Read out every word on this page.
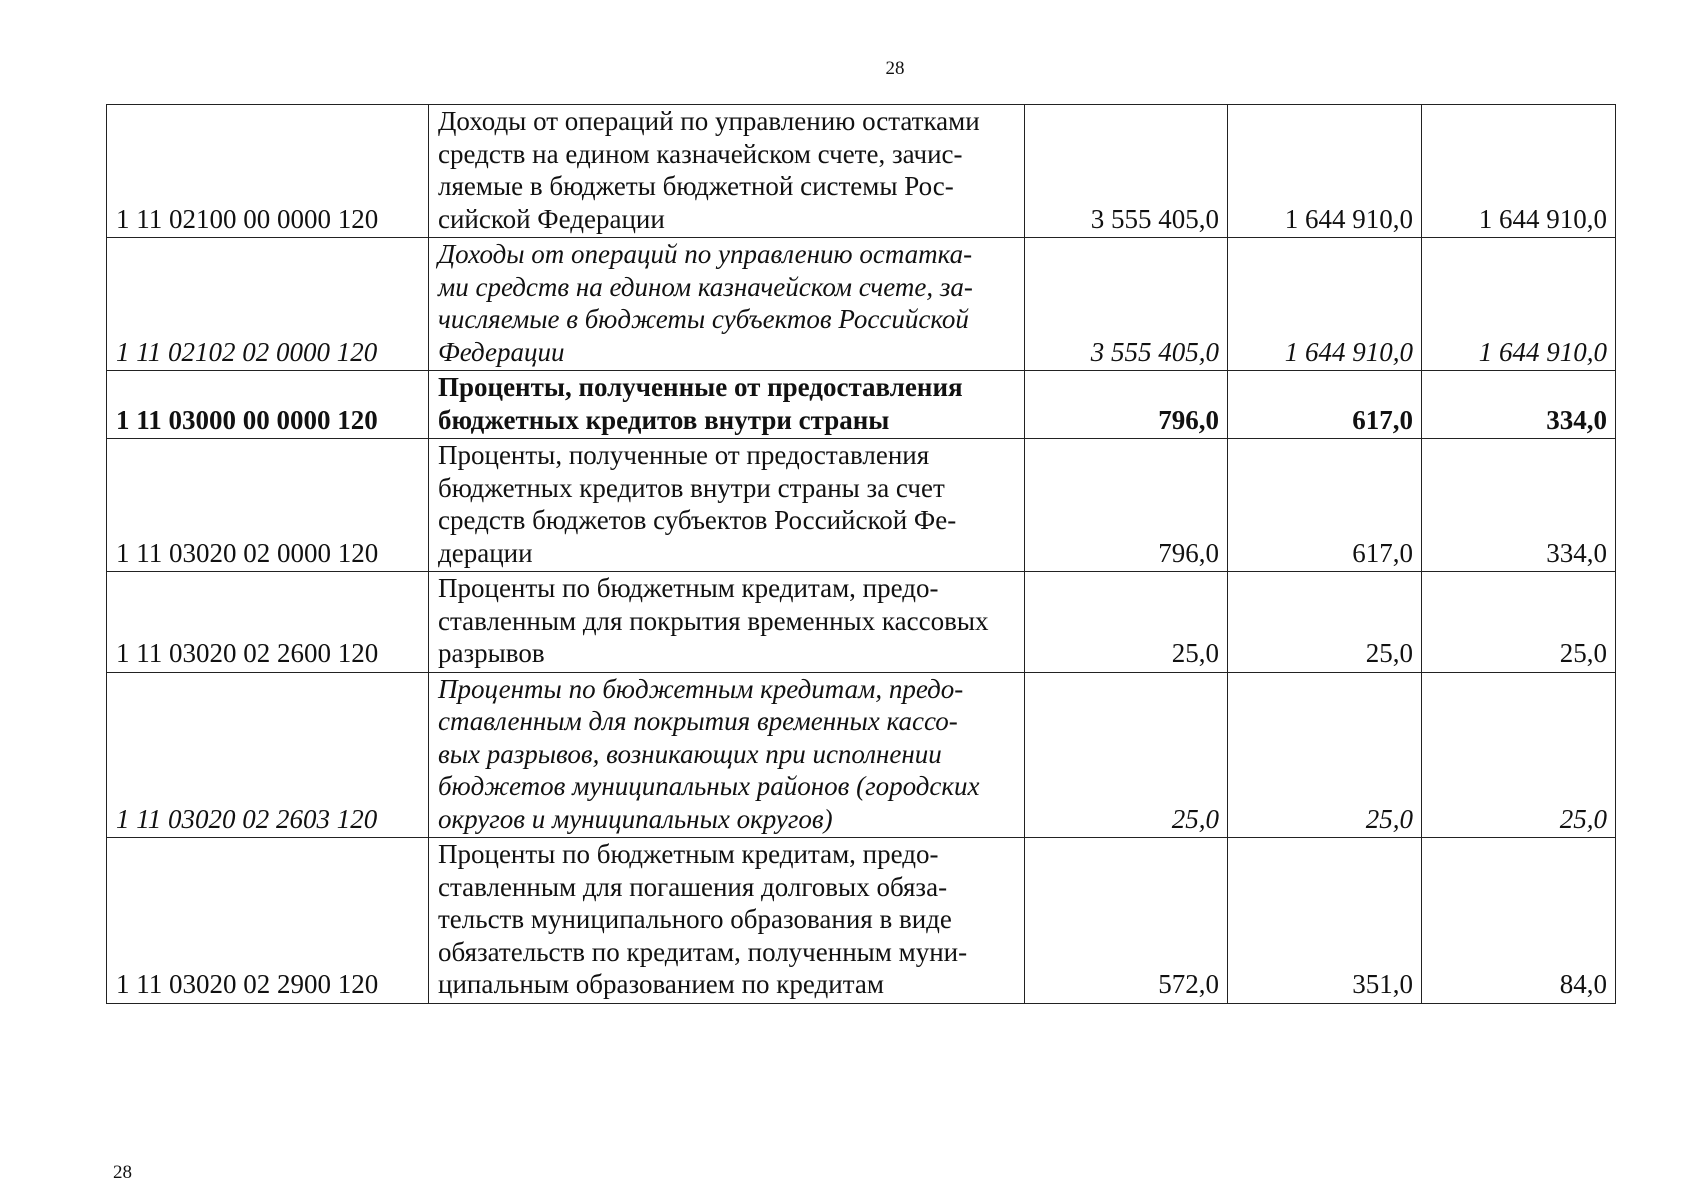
28
1 11 02100 00 0000 120	Доходы от операций по управлению остатками
средств на едином казначейском счете, зачис-
ляемые в бюджеты бюджетной системы Рос-
сийской Федерации	3 555 405,0	1 644 910,0	1 644 910,0
1 11 02102 02 0000 120	Доходы от операций по управлению остатка-
ми средств на едином казначейском счете, за-
числяемые в бюджеты субъектов Российской
Федерации	3 555 405,0	1 644 910,0	1 644 910,0
1 11 03000 00 0000 120	Проценты, полученные от предоставления
бюджетных кредитов внутри страны	796,0	617,0	334,0
1 11 03020 02 0000 120	Проценты, полученные от предоставления
бюджетных кредитов внутри страны за счет
средств бюджетов субъектов Российской Фе-
дерации	796,0	617,0	334,0
1 11 03020 02 2600 120	Проценты по бюджетным кредитам, предо-
ставленным для покрытия временных кассовых
разрывов	25,0	25,0	25,0
1 11 03020 02 2603 120	Проценты по бюджетным кредитам, предо-
ставленным для покрытия временных кассо-
вых разрывов, возникающих при исполнении
бюджетов муниципальных районов (городских
округов и муниципальных округов)	25,0	25,0	25,0
1 11 03020 02 2900 120	Проценты по бюджетным кредитам, предо-
ставленным для погашения долговых обяза-
тельств муниципального образования в виде
обязательств по кредитам, полученным муни-
ципальным образованием по кредитам	572,0	351,0	84,0
28
